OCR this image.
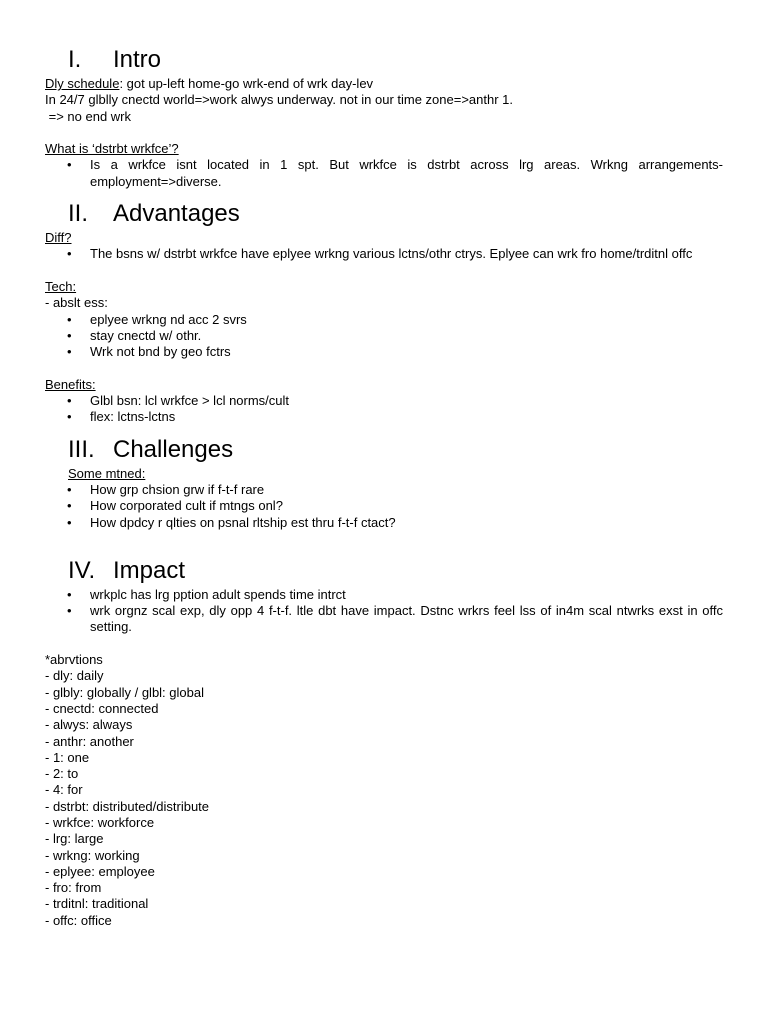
I.	Intro
Dly schedule: got up-left home-go wrk-end of wrk day-lev
In 24/7 glblly cnectd world=>work alwys underway. not in our time zone=>anthr 1.
=> no end wrk
What is ‘dstrbt wrkfce’?
• Is a wrkfce isnt located in 1 spt. But wrkfce is dstrbt across lrg areas. Wrkng arrangements-employment=>diverse.
II.	Advantages
Diff?
• The bsns w/ dstrbt wrkfce have eplyee wrkng various lctns/othr ctrys. Eplyee can wrk fro home/trditnl offc
Tech:
- abslt ess:
• eplyee wrkng nd acc 2 svrs
• stay cnectd w/ othr.
• Wrk not bnd by geo fctrs
Benefits:
• Glbl bsn: lcl wrkfce > lcl norms/cult
• flex: lctns-lctns
III. Challenges
Some mtned:
• How grp chsion grw if f-t-f rare
• How corporated cult if mtngs onl?
• How dpdcy r qlties on psnal rltship est thru f-t-f ctact?
IV. Impact
• wrkplc has lrg pption adult spends time intrct
• wrk orgnz scal exp, dly opp 4 f-t-f. ltle dbt have impact. Dstnc wrkrs feel lss of in4m scal ntwrks exst in offc setting.
*abrvtions
- dly: daily
- glbly: globally / glbl: global
- cnectd: connected
- alwys: always
- anthr: another
- 1: one
- 2: to
- 4: for
- dstrbt: distributed/distribute
- wrkfce: workforce
- lrg: large
- wrkng: working
- eplyee: employee
- fro: from
- trditnl: traditional
- offc: office
